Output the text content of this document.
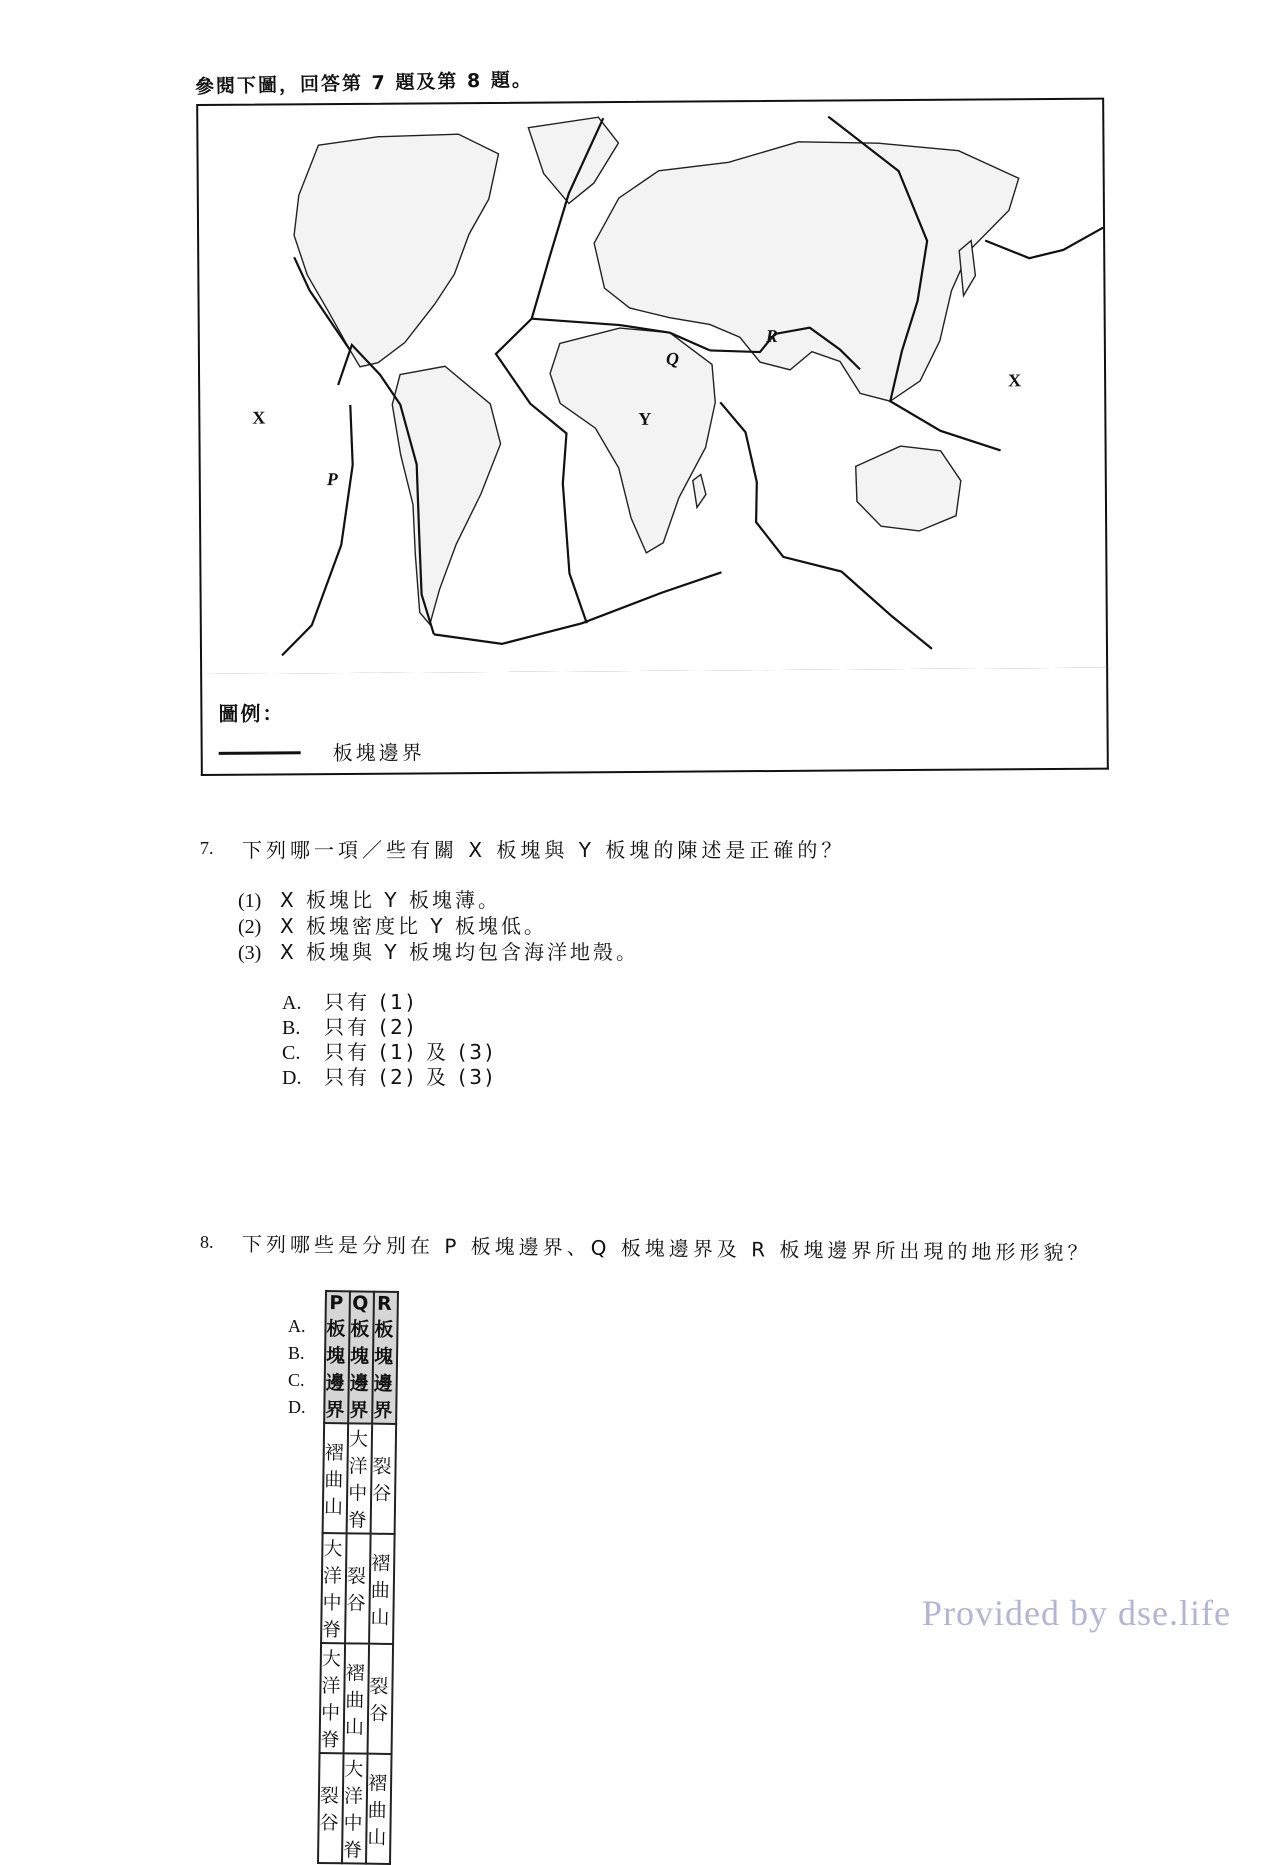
參閱下圖，回答第 7 題及第 8 題。
X
X
Y
P
Q
R
圖例：
板塊邊界
7. 下列哪一項／些有關 X 板塊與 Y 板塊的陳述是正確的？
(1) X 板塊比 Y 板塊薄。
(2) X 板塊密度比 Y 板塊低。
(3) X 板塊與 Y 板塊均包含海洋地殼。
A. 只有 (1)
B. 只有 (2)
C. 只有 (1) 及 (3)
D. 只有 (2) 及 (3)
8. 下列哪些是分別在 P 板塊邊界、Q 板塊邊界及 R 板塊邊界所出現的地形形貌？
A.
B.
C.
D.
P 板塊邊界	Q 板塊邊界	R 板塊邊界
褶曲山	大洋中脊	裂谷
大洋中脊	裂谷	褶曲山
大洋中脊	褶曲山	裂谷
裂谷	大洋中脊	褶曲山
Provided by dse.life
